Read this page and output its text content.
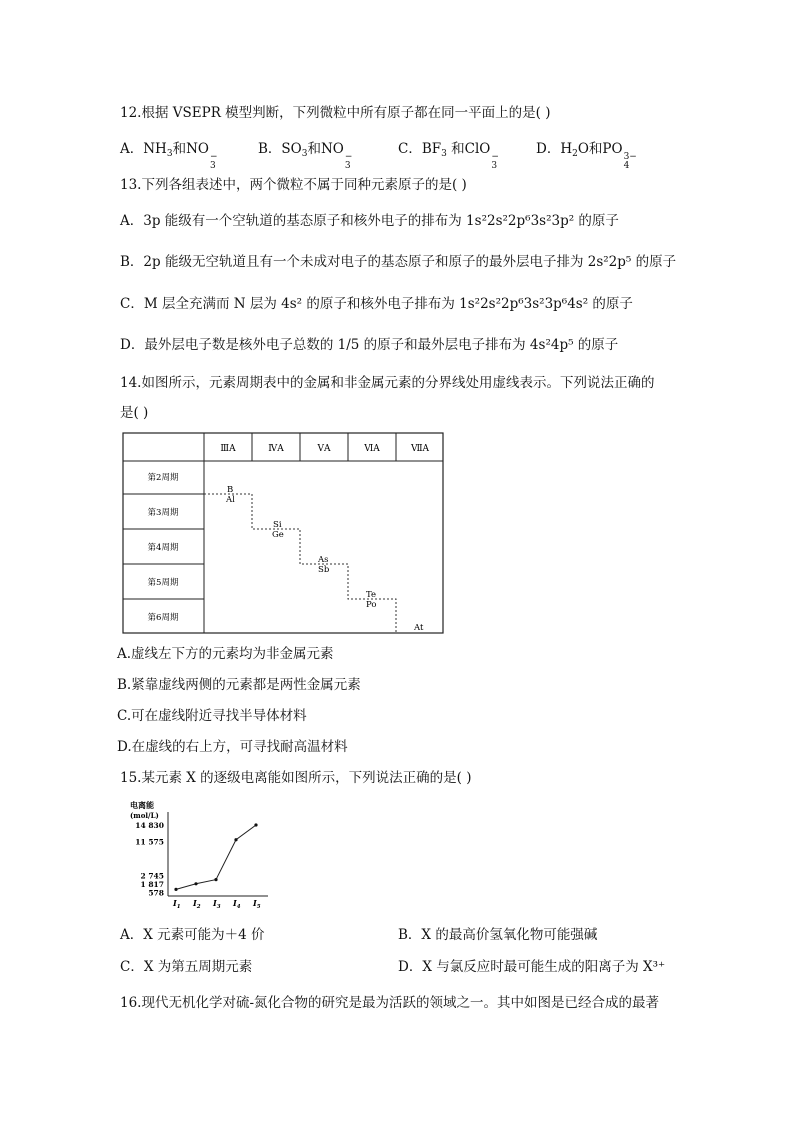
12.根据 VSEPR 模型判断，下列微粒中所有原子都在同一平面上的是( )
A．$NH_3$和NO −
3
B．$SO_3$和NO −
3
C．$BF_3$ 和ClO −
3
D．$H_2O$和PO 3−
4
13.下列各组表述中，两个微粒不属于同种元素原子的是( )
A．3p 能级有一个空轨道的基态原子和核外电子的排布为 1s²2s²2p⁶3s²3p² 的原子
B．2p 能级无空轨道且有一个未成对电子的基态原子和原子的最外层电子排为 2s²2p⁵ 的原子
C．M 层全充满而 N 层为 4s² 的原子和核外电子排布为 1s²2s²2p⁶3s²3p⁶4s² 的原子
D．最外层电子数是核外电子总数的 1/5 的原子和最外层电子排布为 4s²4p⁵ 的原子
14.如图所示，元素周期表中的金属和非金属元素的分界线处用虚线表示。下列说法正确的
是( )
ⅢA	ⅣA	ⅤA	ⅥA	ⅦA
第2周期
第3周期
第4周期
第5周期
第6周期
B
Al
Si
Ge
As
Sb
Te
Po
At
A.虚线左下方的元素均为非金属元素
B.紧靠虚线两侧的元素都是两性金属元素
C.可在虚线附近寻找半导体材料
D.在虚线的右上方，可寻找耐高温材料
15.某元素 X 的逐级电离能如图所示，下列说法正确的是( )
电离能
(mol/L)
14 830
11 575
2 745
1 817
578
$I_1$ $I_2$ $I_3$ $I_4$ $I_5$
A．X 元素可能为＋4 价	B．X 的最高价氢氧化物可能强碱
C．X 为第五周期元素	D．X 与氯反应时最可能生成的阳离子为 X³⁺
16.现代无机化学对硫-氮化合物的研究是最为活跃的领域之一。其中如图是已经合成的最著
